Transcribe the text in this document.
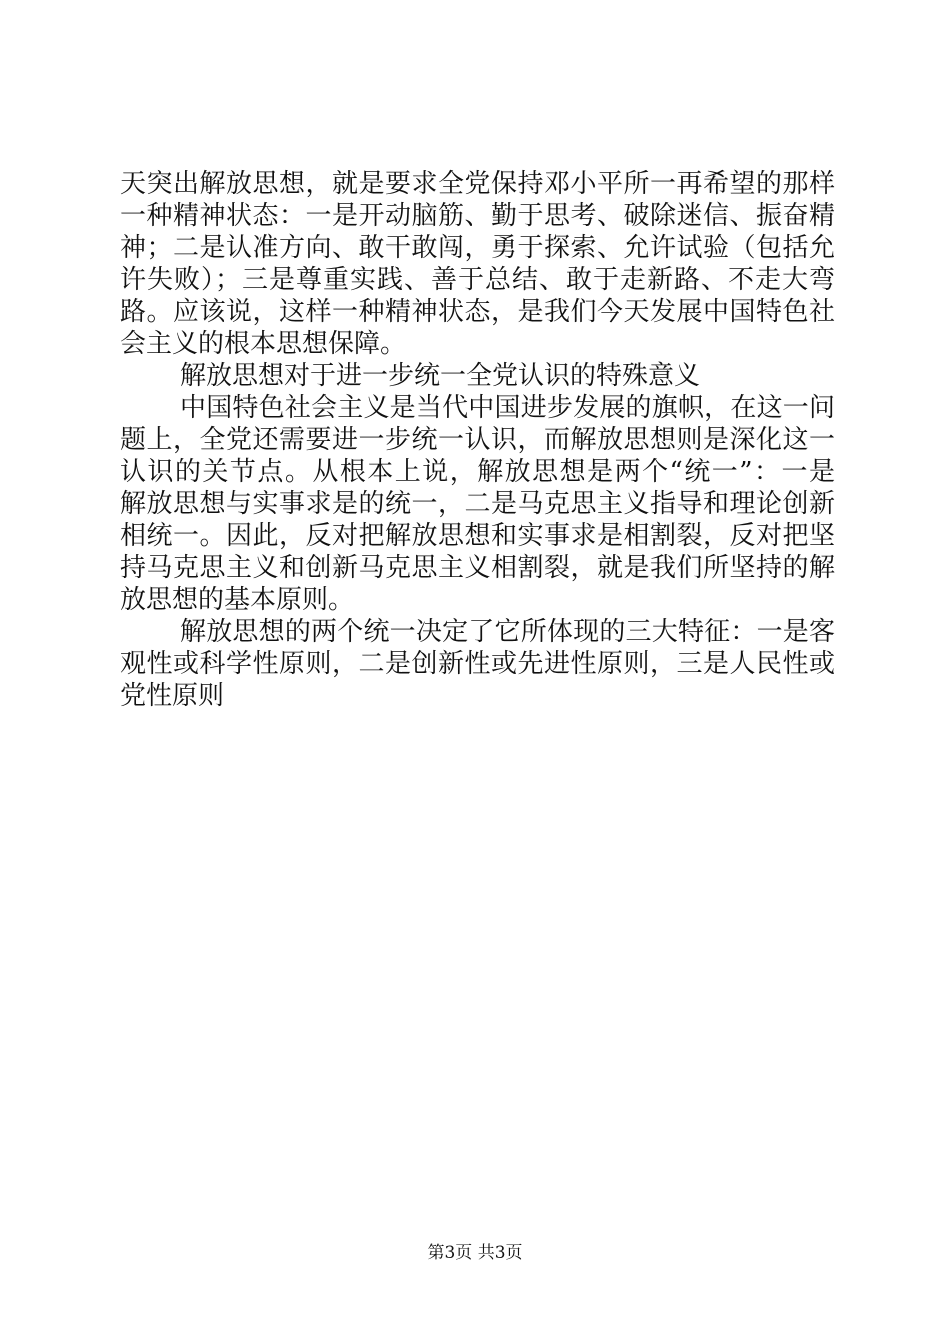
天突出解放思想，就是要求全党保持邓小平所一再希望的那样
一种精神状态：一是开动脑筋、勤于思考、破除迷信、振奋精
神；二是认准方向、敢干敢闯，勇于探索、允许试验（包括允
许失败）；三是尊重实践、善于总结、敢于走新路、不走大弯
路。应该说，这样一种精神状态，是我们今天发展中国特色社
会主义的根本思想保障。
解放思想对于进一步统一全党认识的特殊意义
中国特色社会主义是当代中国进步发展的旗帜，在这一问
题上，全党还需要进一步统一认识，而解放思想则是深化这一
认识的关节点。从根本上说，解放思想是两个“统一”：一是
解放思想与实事求是的统一，二是马克思主义指导和理论创新
相统一。因此，反对把解放思想和实事求是相割裂，反对把坚
持马克思主义和创新马克思主义相割裂，就是我们所坚持的解
放思想的基本原则。
解放思想的两个统一决定了它所体现的三大特征：一是客
观性或科学性原则，二是创新性或先进性原则，三是人民性或
党性原则
第3页 共3页
